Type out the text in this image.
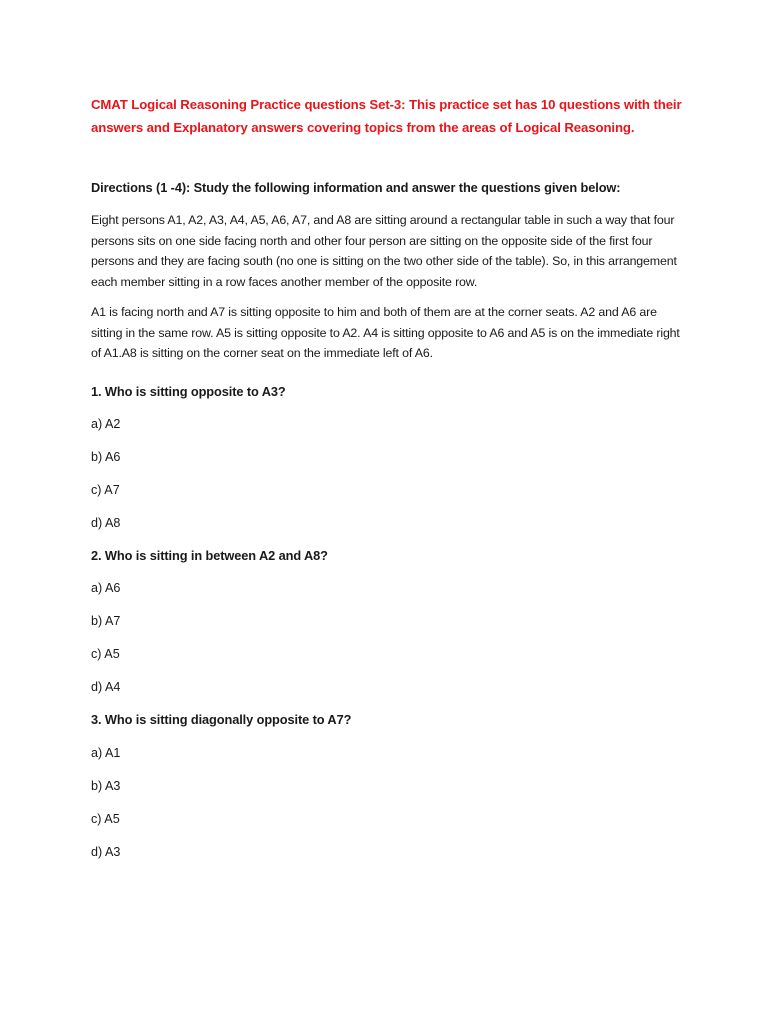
CMAT Logical Reasoning Practice questions Set-3: This practice set has 10 questions with their answers and Explanatory answers covering topics from the areas of Logical Reasoning.

Directions (1 -4): Study the following information and answer the questions given below:

Eight persons A1, A2, A3, A4, A5, A6, A7, and A8 are sitting around a rectangular table in such a way that four persons sits on one side facing north and other four person are sitting on the opposite side of the first four persons and they are facing south (no one is sitting on the two other side of the table). So, in this arrangement each member sitting in a row faces another member of the opposite row.

A1 is facing north and A7 is sitting opposite to him and both of them are at the corner seats. A2 and A6 are sitting in the same row. A5 is sitting opposite to A2. A4 is sitting opposite to A6 and A5 is on the immediate right of A1.A8 is sitting on the corner seat on the immediate left of A6.

1. Who is sitting opposite to A3?

a) A2

b) A6

c) A7

d) A8

2. Who is sitting in between A2 and A8?

a) A6

b) A7

c) A5

d) A4

3. Who is sitting diagonally opposite to A7?

a) A1

b) A3

c) A5

d) A3
